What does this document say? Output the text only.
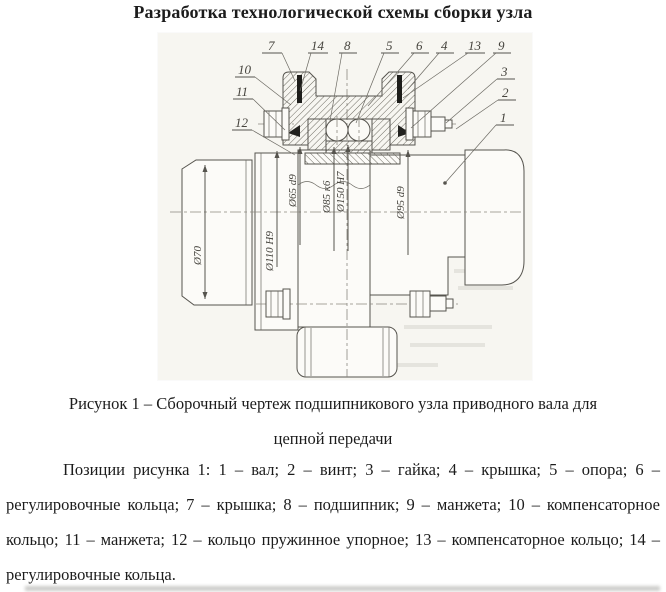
Разработка технологической схемы сборки узла
Ø70	Ø110 H9
Ø65 d9 Ø85 к6 Ø150 H7	Ø95 d9
7	14 8	5 6 4 13 9
10
11
12
3
2
1
Рисунок 1 – Сборочный чертеж подшипникового узла приводного вала для
цепной передачи
Позиции рисунка 1: 1 – вал; 2 – винт; 3 – гайка; 4 – крышка; 5 – опора; 6 – регулировочные кольца; 7 – крышка; 8 – подшипник; 9 – манжета; 10 – компенсаторное кольцо; 11 – манжета; 12 – кольцо пружинное упорное; 13 – компенсаторное кольцо; 14 – регулировочные кольца.
